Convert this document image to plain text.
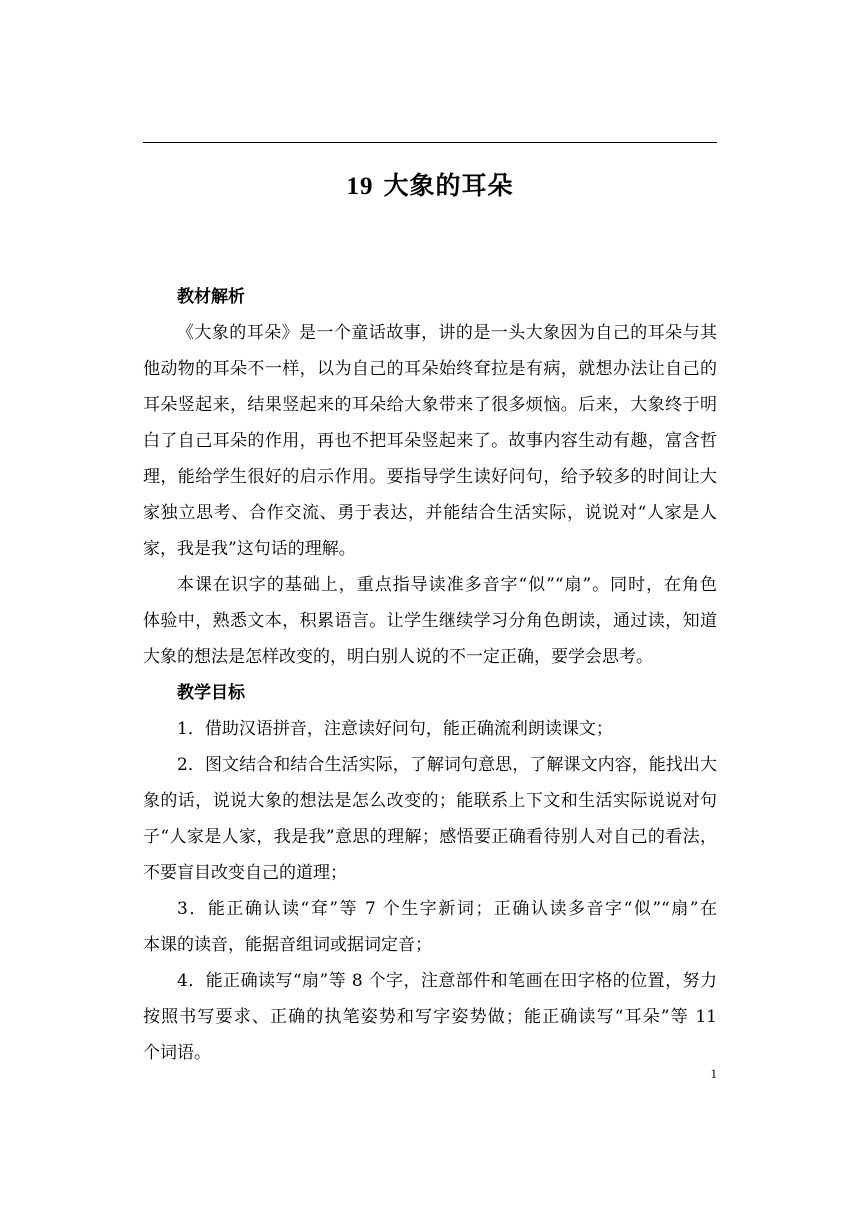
19 大象的耳朵
教材解析
《大象的耳朵》是一个童话故事，讲的是一头大象因为自己的耳朵与其
他动物的耳朵不一样，以为自己的耳朵始终耷拉是有病，就想办法让自己的
耳朵竖起来，结果竖起来的耳朵给大象带来了很多烦恼。后来，大象终于明
白了自己耳朵的作用，再也不把耳朵竖起来了。故事内容生动有趣，富含哲
理，能给学生很好的启示作用。要指导学生读好问句，给予较多的时间让大
家独立思考、合作交流、勇于表达，并能结合生活实际，说说对“人家是人
家，我是我”这句话的理解。
本课在识字的基础上，重点指导读准多音字“似”“扇”。同时，在角色
体验中，熟悉文本，积累语言。让学生继续学习分角色朗读，通过读，知道
大象的想法是怎样改变的，明白别人说的不一定正确，要学会思考。
教学目标
1．借助汉语拼音，注意读好问句，能正确流利朗读课文；
2．图文结合和结合生活实际，了解词句意思，了解课文内容，能找出大
象的话，说说大象的想法是怎么改变的；能联系上下文和生活实际说说对句
子“人家是人家，我是我”意思的理解；感悟要正确看待别人对自己的看法，
不要盲目改变自己的道理；
3．能正确认读“耷”等 7 个生字新词；正确认读多音字“似”“扇”在
本课的读音，能据音组词或据词定音；
4．能正确读写“扇”等 8 个字，注意部件和笔画在田字格的位置，努力
按照书写要求、正确的执笔姿势和写字姿势做；能正确读写“耳朵”等 11
个词语。
1
